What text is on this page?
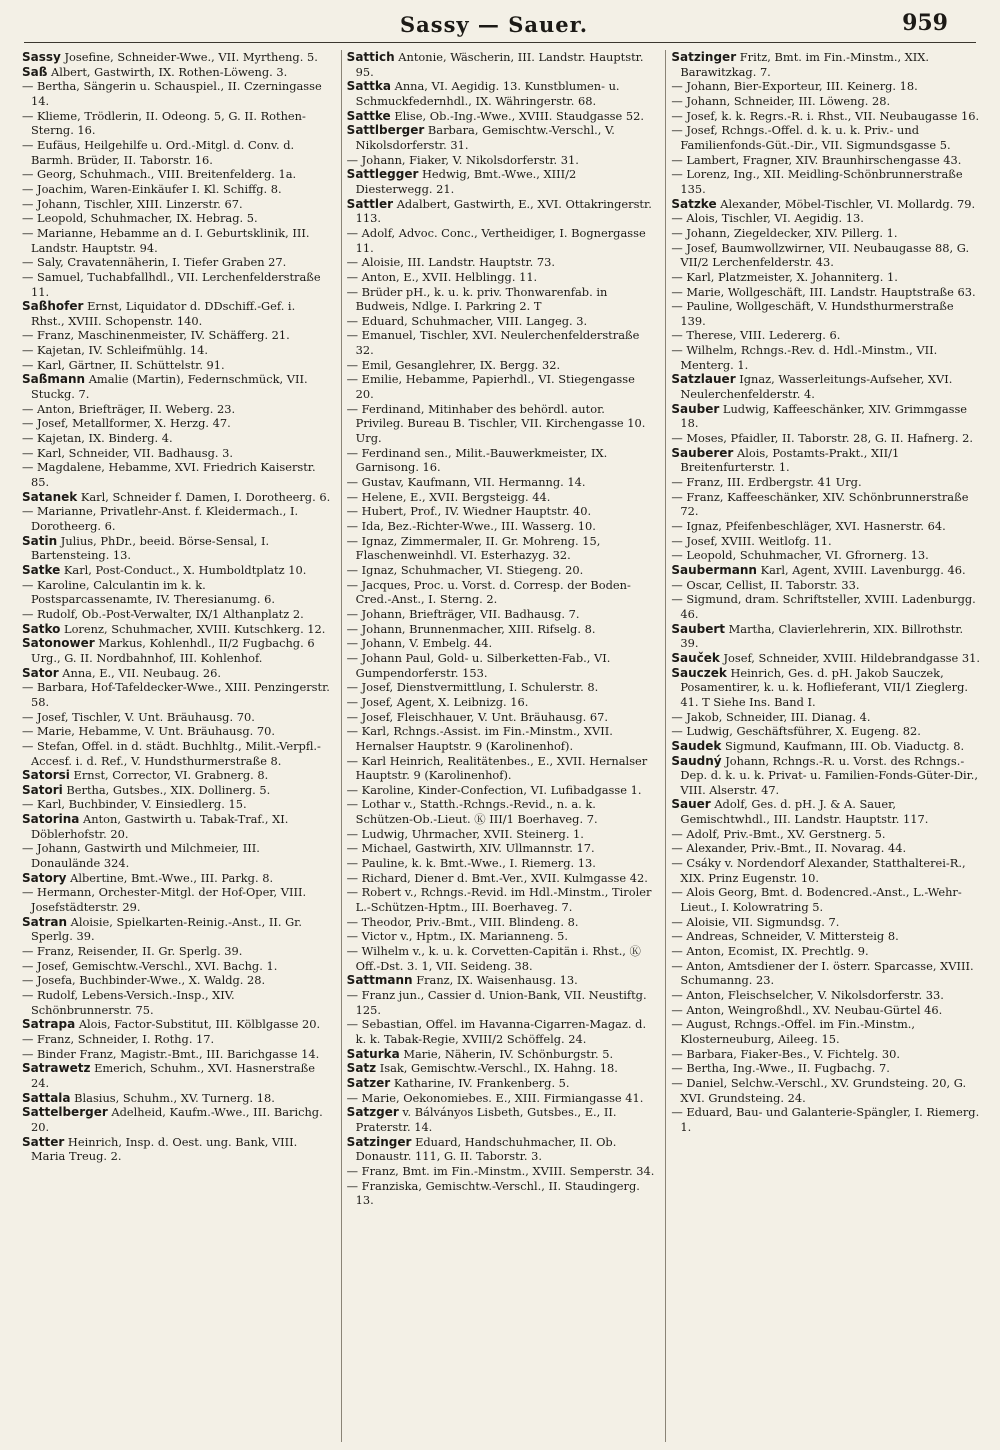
Sassy — Sauer.	959

Sassy Josefine, Schneider-Wwe., VII. Myrtheng. 5.

Saß Albert, Gastwirth, IX. Rothen-Löweng. 3.

— Bertha, Sängerin u. Schauspiel., II. Czerningasse 14.

— Klieme, Trödlerin, II. Odeong. 5, G. II. Rothen-Sterng. 16.

— Eufäus, Heilgehilfe u. Ord.-Mitgl. d. Conv. d. Barmh. Brüder, II. Taborstr. 16.

— Georg, Schuhmach., VIII. Breitenfelderg. 1a.

— Joachim, Waren-Einkäufer I. Kl. Schiffg. 8.

— Johann, Tischler, XIII. Linzerstr. 67.

— Leopold, Schuhmacher, IX. Hebrag. 5.

— Marianne, Hebamme an d. I. Geburtsklinik, III. Landstr. Hauptstr. 94.

— Saly, Cravatennäherin, I. Tiefer Graben 27.

— Samuel, Tuchabfallhdl., VII. Lerchenfelderstraße 11.

Saßhofer Ernst, Liquidator d. DDschiff.-Gef. i. Rhst., XVIII. Schopenstr. 140.

— Franz, Maschinenmeister, IV. Schäfferg. 21.

— Kajetan, IV. Schleifmühlg. 14.

— Karl, Gärtner, II. Schüttelstr. 91.

Saßmann Amalie (Martin), Federnschmück, VII. Stuckg. 7.

— Anton, Briefträger, II. Weberg. 23.

— Josef, Metallformer, X. Herzg. 47.

— Kajetan, IX. Binderg. 4.

— Karl, Schneider, VII. Badhausg. 3.

— Magdalene, Hebamme, XVI. Friedrich Kaiserstr. 85.

Satanek Karl, Schneider f. Damen, I. Dorotheerg. 6.

— Marianne, Privatlehr-Anst. f. Kleidermach., I. Dorotheerg. 6.

Satin Julius, PhDr., beeid. Börse-Sensal, I. Bartensteing. 13.

Satke Karl, Post-Conduct., X. Humboldtplatz 10.

— Karoline, Calculantin im k. k. Postsparcassenamte, IV. Theresianumg. 6.

— Rudolf, Ob.-Post-Verwalter, IX/1 Althanplatz 2.

Satko Lorenz, Schuhmacher, XVIII. Kutschkerg. 12.

Satonower Markus, Kohlenhdl., II/2 Fugbachg. 6 Urg., G. II. Nordbahnhof, III. Kohlenhof.

Sator Anna, E., VII. Neubaug. 26.

— Barbara, Hof-Tafeldecker-Wwe., XIII. Penzingerstr. 58.

— Josef, Tischler, V. Unt. Bräuhausg. 70.

— Marie, Hebamme, V. Unt. Bräuhausg. 70.

— Stefan, Offel. in d. städt. Buchhltg., Milit.-Verpfl.-Accesf. i. d. Ref., V. Hundsthurmerstraße 8.

Satorsi Ernst, Corrector, VI. Grabnerg. 8.

Satori Bertha, Gutsbes., XIX. Dollinerg. 5.

— Karl, Buchbinder, V. Einsiedlerg. 15.

Satorina Anton, Gastwirth u. Tabak-Traf., XI. Döblerhofstr. 20.

— Johann, Gastwirth und Milchmeier, III. Donaulände 324.

Satory Albertine, Bmt.-Wwe., III. Parkg. 8.

— Hermann, Orchester-Mitgl. der Hof-Oper, VIII. Josefstädterstr. 29.

Satran Aloisie, Spielkarten-Reinig.-Anst., II. Gr. Sperlg. 39.

— Franz, Reisender, II. Gr. Sperlg. 39.

— Josef, Gemischtw.-Verschl., XVI. Bachg. 1.

— Josefa, Buchbinder-Wwe., X. Waldg. 28.

— Rudolf, Lebens-Versich.-Insp., XIV. Schönbrunnerstr. 75.

Satrapa Alois, Factor-Substitut, III. Kölblgasse 20.

— Franz, Schneider, I. Rothg. 17.

— Binder Franz, Magistr.-Bmt., III. Barichgasse 14.

Satrawetz Emerich, Schuhm., XVI. Hasnerstraße 24.

Sattala Blasius, Schuhm., XV. Turnerg. 18.

Sattelberger Adelheid, Kaufm.-Wwe., III. Barichg. 20.

Satter Heinrich, Insp. d. Oest. ung. Bank, VIII. Maria Treug. 2.

Sattich Antonie, Wäscherin, III. Landstr. Hauptstr. 95.

Sattka Anna, VI. Aegidig. 13. Kunstblumen- u. Schmuckfedernhdl., IX. Währingerstr. 68.

Sattke Elise, Ob.-Ing.-Wwe., XVIII. Staudgasse 52.

Sattlberger Barbara, Gemischtw.-Verschl., V. Nikolsdorferstr. 31.

— Johann, Fiaker, V. Nikolsdorferstr. 31.

Sattlegger Hedwig, Bmt.-Wwe., XIII/2 Diesterwegg. 21.

Sattler Adalbert, Gastwirth, E., XVI. Ottakringerstr. 113.

— Adolf, Advoc. Conc., Vertheidiger, I. Bognergasse 11.

— Aloisie, III. Landstr. Hauptstr. 73.

— Anton, E., XVII. Helblingg. 11.

— Brüder pH., k. u. k. priv. Thonwarenfab. in Budweis, Ndlge. I. Parkring 2. T

— Eduard, Schuhmacher, VIII. Langeg. 3.

— Emanuel, Tischler, XVI. Neulerchenfelderstraße 32.

— Emil, Gesanglehrer, IX. Bergg. 32.

— Emilie, Hebamme, Papierhdl., VI. Stiegengasse 20.

— Ferdinand, Mitinhaber des behördl. autor. Privileg. Bureau B. Tischler, VII. Kirchengasse 10. Urg.

— Ferdinand sen., Milit.-Bauwerkmeister, IX. Garnisong. 16.

— Gustav, Kaufmann, VII. Hermanng. 14.

— Helene, E., XVII. Bergsteigg. 44.

— Hubert, Prof., IV. Wiedner Hauptstr. 40.

— Ida, Bez.-Richter-Wwe., III. Wasserg. 10.

— Ignaz, Zimmermaler, II. Gr. Mohreng. 15, Flaschenweinhdl. VI. Esterhazyg. 32.

— Ignaz, Schuhmacher, VI. Stiegeng. 20.

— Jacques, Proc. u. Vorst. d. Corresp. der Boden-Cred.-Anst., I. Sterng. 2.

— Johann, Briefträger, VII. Badhausg. 7.

— Johann, Brunnenmacher, XIII. Rifselg. 8.

— Johann, V. Embelg. 44.

— Johann Paul, Gold- u. Silberketten-Fab., VI. Gumpendorferstr. 153.

— Josef, Dienstvermittlung, I. Schulerstr. 8.

— Josef, Agent, X. Leibnizg. 16.

— Josef, Fleischhauer, V. Unt. Bräuhausg. 67.

— Karl, Rchngs.-Assist. im Fin.-Minstm., XVII. Hernalser Hauptstr. 9 (Karolinenhof).

— Karl Heinrich, Realitätenbes., E., XVII. Hernalser Hauptstr. 9 (Karolinenhof).

— Karoline, Kinder-Confection, VI. Lufibadgasse 1.

— Lothar v., Statth.-Rchngs.-Revid., n. a. k. Schützen-Ob.-Lieut. Ⓚ III/1 Boerhaveg. 7.

— Ludwig, Uhrmacher, XVII. Steinerg. 1.

— Michael, Gastwirth, XIV. Ullmannstr. 17.

— Pauline, k. k. Bmt.-Wwe., I. Riemerg. 13.

— Richard, Diener d. Bmt.-Ver., XVII. Kulmgasse 42.

— Robert v., Rchngs.-Revid. im Hdl.-Minstm., Tiroler L.-Schützen-Hptm., III. Boerhaveg. 7.

— Theodor, Priv.-Bmt., VIII. Blindeng. 8.

— Victor v., Hptm., IX. Marianneng. 5.

— Wilhelm v., k. u. k. Corvetten-Capitän i. Rhst., Ⓚ Off.-Dst. 3. 1, VII. Seideng. 38.

Sattmann Franz, IX. Waisenhausg. 13.

— Franz jun., Cassier d. Union-Bank, VII. Neustiftg. 125.

— Sebastian, Offel. im Havanna-Cigarren-Magaz. d. k. k. Tabak-Regie, XVIII/2 Schöffelg. 24.

Saturka Marie, Näherin, IV. Schönburgstr. 5.

Satz Isak, Gemischtw.-Verschl., IX. Hahng. 18.

Satzer Katharine, IV. Frankenberg. 5.

— Marie, Oekonomiebes. E., XIII. Firmiangasse 41.

Satzger v. Bálványos Lisbeth, Gutsbes., E., II. Praterstr. 14.

Satzinger Eduard, Handschuhmacher, II. Ob. Donaustr. 111, G. II. Taborstr. 3.

— Franz, Bmt. im Fin.-Minstm., XVIII. Semperstr. 34.

— Franziska, Gemischtw.-Verschl., II. Staudingerg. 13.

Satzinger Fritz, Bmt. im Fin.-Minstm., XIX. Barawitzkag. 7.

— Johann, Bier-Exporteur, III. Keinerg. 18.

— Johann, Schneider, III. Löweng. 28.

— Josef, k. k. Regrs.-R. i. Rhst., VII. Neubaugasse 16.

— Josef, Rchngs.-Offel. d. k. u. k. Priv.- und Familienfonds-Güt.-Dir., VII. Sigmundsgasse 5.

— Lambert, Fragner, XIV. Braunhirschengasse 43.

— Lorenz, Ing., XII. Meidling-Schönbrunnerstraße 135.

Satzke Alexander, Möbel-Tischler, VI. Mollardg. 79.

— Alois, Tischler, VI. Aegidig. 13.

— Johann, Ziegeldecker, XIV. Pillerg. 1.

— Josef, Baumwollzwirner, VII. Neubaugasse 88, G. VII/2 Lerchenfelderstr. 43.

— Karl, Platzmeister, X. Johanniterg. 1.

— Marie, Wollgeschäft, III. Landstr. Hauptstraße 63.

— Pauline, Wollgeschäft, V. Hundsthurmerstraße 139.

— Therese, VIII. Ledererg. 6.

— Wilhelm, Rchngs.-Rev. d. Hdl.-Minstm., VII. Menterg. 1.

Satzlauer Ignaz, Wasserleitungs-Aufseher, XVI. Neulerchenfelderstr. 4.

Sauber Ludwig, Kaffeeschänker, XIV. Grimmgasse 18.

— Moses, Pfaidler, II. Taborstr. 28, G. II. Hafnerg. 2.

Sauberer Alois, Postamts-Prakt., XII/1 Breitenfurterstr. 1.

— Franz, III. Erdbergstr. 41 Urg.

— Franz, Kaffeeschänker, XIV. Schönbrunnerstraße 72.

— Ignaz, Pfeifenbeschläger, XVI. Hasnerstr. 64.

— Josef, XVIII. Weitlofg. 11.

— Leopold, Schuhmacher, VI. Gfrornerg. 13.

Saubermann Karl, Agent, XVIII. Lavenburgg. 46.

— Oscar, Cellist, II. Taborstr. 33.

— Sigmund, dram. Schriftsteller, XVIII. Ladenburgg. 46.

Saubert Martha, Clavierlehrerin, XIX. Billrothstr. 39.

Sauček Josef, Schneider, XVIII. Hildebrandgasse 31.

Sauczek Heinrich, Ges. d. pH. Jakob Sauczek, Posamentirer, k. u. k. Hoflieferant, VII/1 Zieglerg. 41. T Siehe Ins. Band I.

— Jakob, Schneider, III. Dianag. 4.

— Ludwig, Geschäftsführer, X. Eugeng. 82.

Saudek Sigmund, Kaufmann, III. Ob. Viaductg. 8.

Saudný Johann, Rchngs.-R. u. Vorst. des Rchngs.-Dep. d. k. u. k. Privat- u. Familien-Fonds-Güter-Dir., VIII. Alserstr. 47.

Sauer Adolf, Ges. d. pH. J. & A. Sauer, Gemischtwhdl., III. Landstr. Hauptstr. 117.

— Adolf, Priv.-Bmt., XV. Gerstnerg. 5.

— Alexander, Priv.-Bmt., II. Novarag. 44.

— Csáky v. Nordendorf Alexander, Statthalterei-R., XIX. Prinz Eugenstr. 10.

— Alois Georg, Bmt. d. Bodencred.-Anst., L.-Wehr-Lieut., I. Kolowratring 5.

— Aloisie, VII. Sigmundsg. 7.

— Andreas, Schneider, V. Mittersteig 8.

— Anton, Ecomist, IX. Prechtlg. 9.

— Anton, Amtsdiener der I. österr. Sparcasse, XVIII. Schumanng. 23.

— Anton, Fleischselcher, V. Nikolsdorferstr. 33.

— Anton, Weingroßhdl., XV. Neubau-Gürtel 46.

— August, Rchngs.-Offel. im Fin.-Minstm., Klosterneuburg, Aileeg. 15.

— Barbara, Fiaker-Bes., V. Fichtelg. 30.

— Bertha, Ing.-Wwe., II. Fugbachg. 7.

— Daniel, Selchw.-Verschl., XV. Grundsteing. 20, G. XVI. Grundsteing. 24.

— Eduard, Bau- und Galanterie-Spängler, I. Riemerg. 1.
